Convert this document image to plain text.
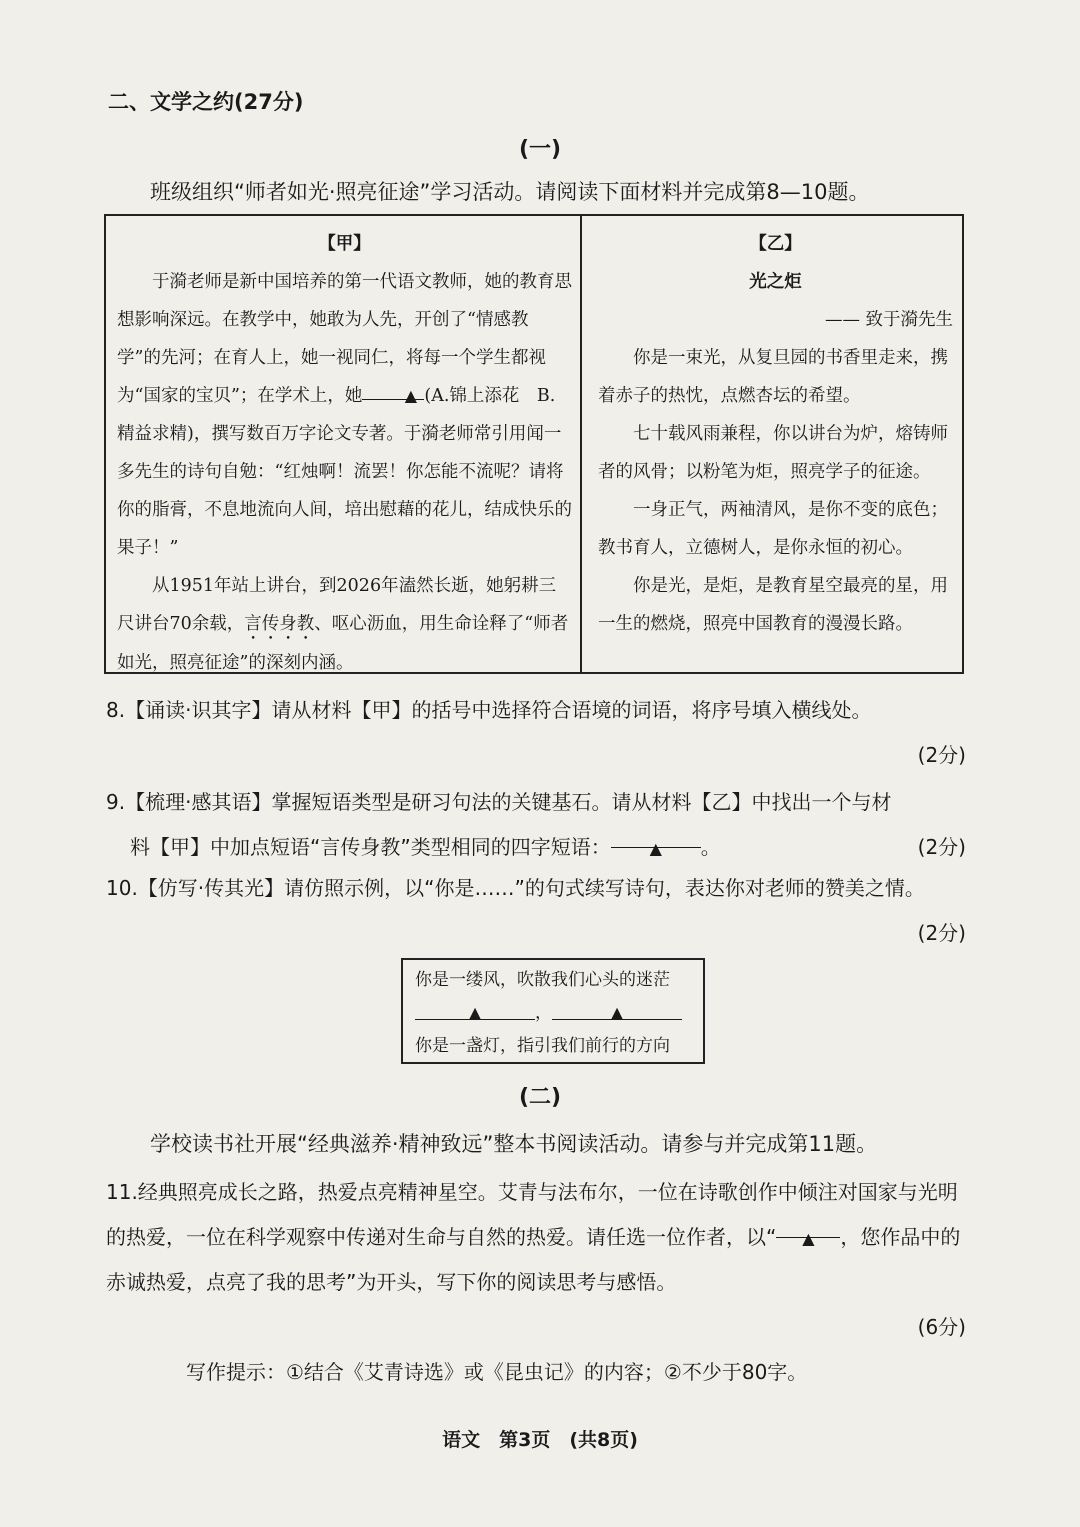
二、文学之约(27分)
(一)
班级组织“师者如光·照亮征途”学习活动。请阅读下面材料并完成第8—10题。

【甲】

于漪老师是新中国培养的第一代语文教师，她的教育思想影响深远。在教学中，她敢为人先，开创了“情感教学”的先河；在育人上，她一视同仁，将每一个学生都视为“国家的宝贝”；在学术上，她	▲ (A.锦上添花　B.精益求精)，撰写数百万字论文专著。于漪老师常引用闻一多先生的诗句自勉：“红烛啊！流罢！你怎能不流呢？请将你的脂膏，不息地流向人间，培出慰藉的花儿，结成快乐的果子！”

从1951年站上讲台，到2026年溘然长逝，她躬耕三尺讲台70余载，言传身教、呕心沥血，用生命诠释了“师者如光，照亮征途”的深刻内涵。

【乙】

光之炬

—— 致于漪先生

你是一束光，从复旦园的书香里走来，携着赤子的热忱，点燃杏坛的希望。

七十载风雨兼程，你以讲台为炉，熔铸师者的风骨；以粉笔为炬，照亮学子的征途。

一身正气，两袖清风，是你不变的底色；教书育人，立德树人，是你永恒的初心。

你是光，是炬，是教育星空最亮的星，用一生的燃烧，照亮中国教育的漫漫长路。

8.【诵读·识其字】请从材料【甲】的括号中选择符合语境的词语，将序号填入横线处。

(2分)

9.【梳理·感其语】掌握短语类型是研习句法的关键基石。请从材料【乙】中找出一个与材

料【甲】中加点短语“言传身教”类型相同的四字短语： ▲ 。	(2分)

10.【仿写·传其光】请仿照示例，以“你是……”的句式续写诗句，表达你对老师的赞美之情。

(2分)

你是一缕风，吹散我们心头的迷茫

▲	，	▲

你是一盏灯，指引我们前行的方向

(二)
学校读书社开展“经典滋养·精神致远”整本书阅读活动。请参与并完成第11题。

11.经典照亮成长之路，热爱点亮精神星空。艾青与法布尔，一位在诗歌创作中倾注对国家与光明的热爱，一位在科学观察中传递对生命与自然的热爱。请任选一位作者，以“ ▲ ，您作品中的赤诚热爱，点亮了我的思考”为开头，写下你的阅读思考与感悟。

(6分)

写作提示：①结合《艾青诗选》或《昆虫记》的内容；②不少于80字。

语文　第3页　(共8页)
